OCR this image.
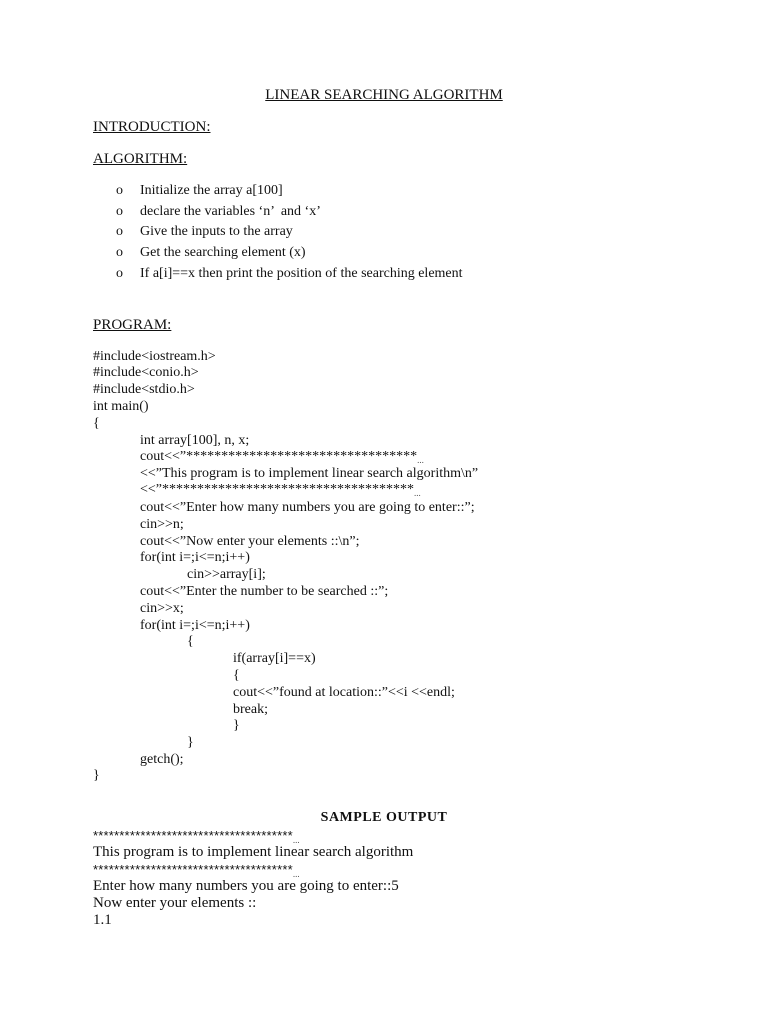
LINEAR SEARCHING ALGORITHM
INTRODUCTION:
ALGORITHM:

o

Initialize the array a[100]

o

declare the variables ‘n’  and ‘x’

o

Give the inputs to the array

o

Get the searching element (x)

o

If a[i]==x then print the position of the searching element

PROGRAM:
#include<iostream.h>
#include<conio.h>
#include<stdio.h>
int main()
{
int array[100], n, x;
$cout<<”*********************************_{...}$
<<”This program is to implement linear search algorithm\n”
$<<”************************************_{...}$
cout<<”Enter how many numbers you are going to enter::”;
cin>>n;
cout<<”Now enter your elements ::\n”;
for(int i=;i<=n;i++)
cin>>array[i];
cout<<”Enter the number to be searched ::”;
cin>>x;
for(int i=;i<=n;i++)
{
if(array[i]==x)
{
cout<<”found at location::”<<i <<endl;
break;
}
}
getch();
}
SAMPLE OUTPUT
$**************************************_{...}$
This program is to implement linear search algorithm
$**************************************_{...}$
Enter how many numbers you are going to enter::5
Now enter your elements ::
1.1
